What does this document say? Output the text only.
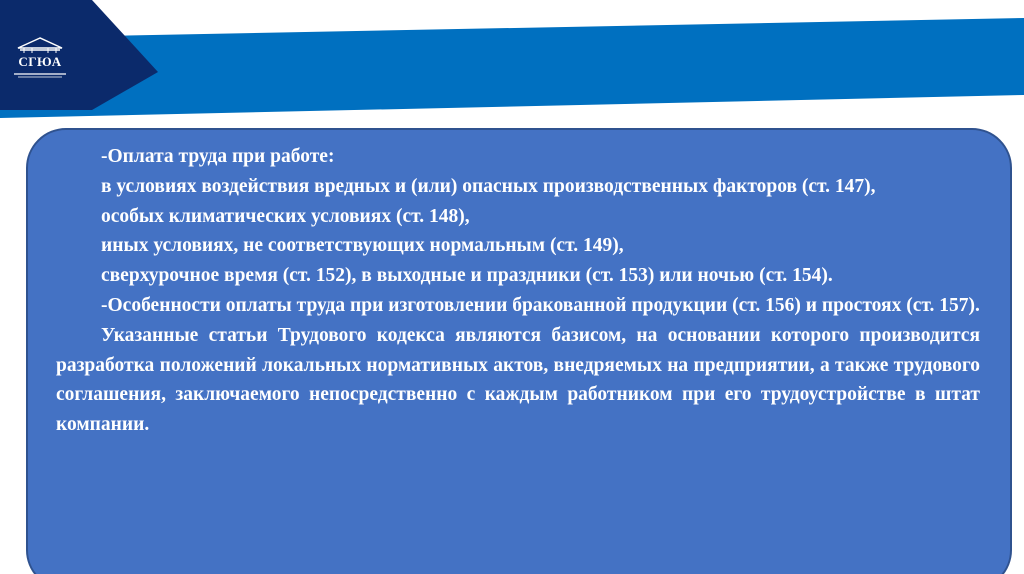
СГЮА

-Оплата труда при работе:

в условиях воздействия вредных и (или) опасных производственных факторов (ст. 147),

особых климатических условиях (ст. 148),

иных условиях, не соответствующих нормальным (ст. 149),

сверхурочное время (ст. 152), в выходные и праздники (ст. 153) или ночью (ст. 154).

-Особенности оплаты труда при изготовлении бракованной продукции (ст. 156) и простоях (ст. 157).

Указанные статьи Трудового кодекса являются базисом, на основании которого производится разработка положений локальных нормативных актов, внедряемых на предприятии, а также трудового соглашения, заключаемого непосредственно с каждым работником при его трудоустройстве в штат компании.
